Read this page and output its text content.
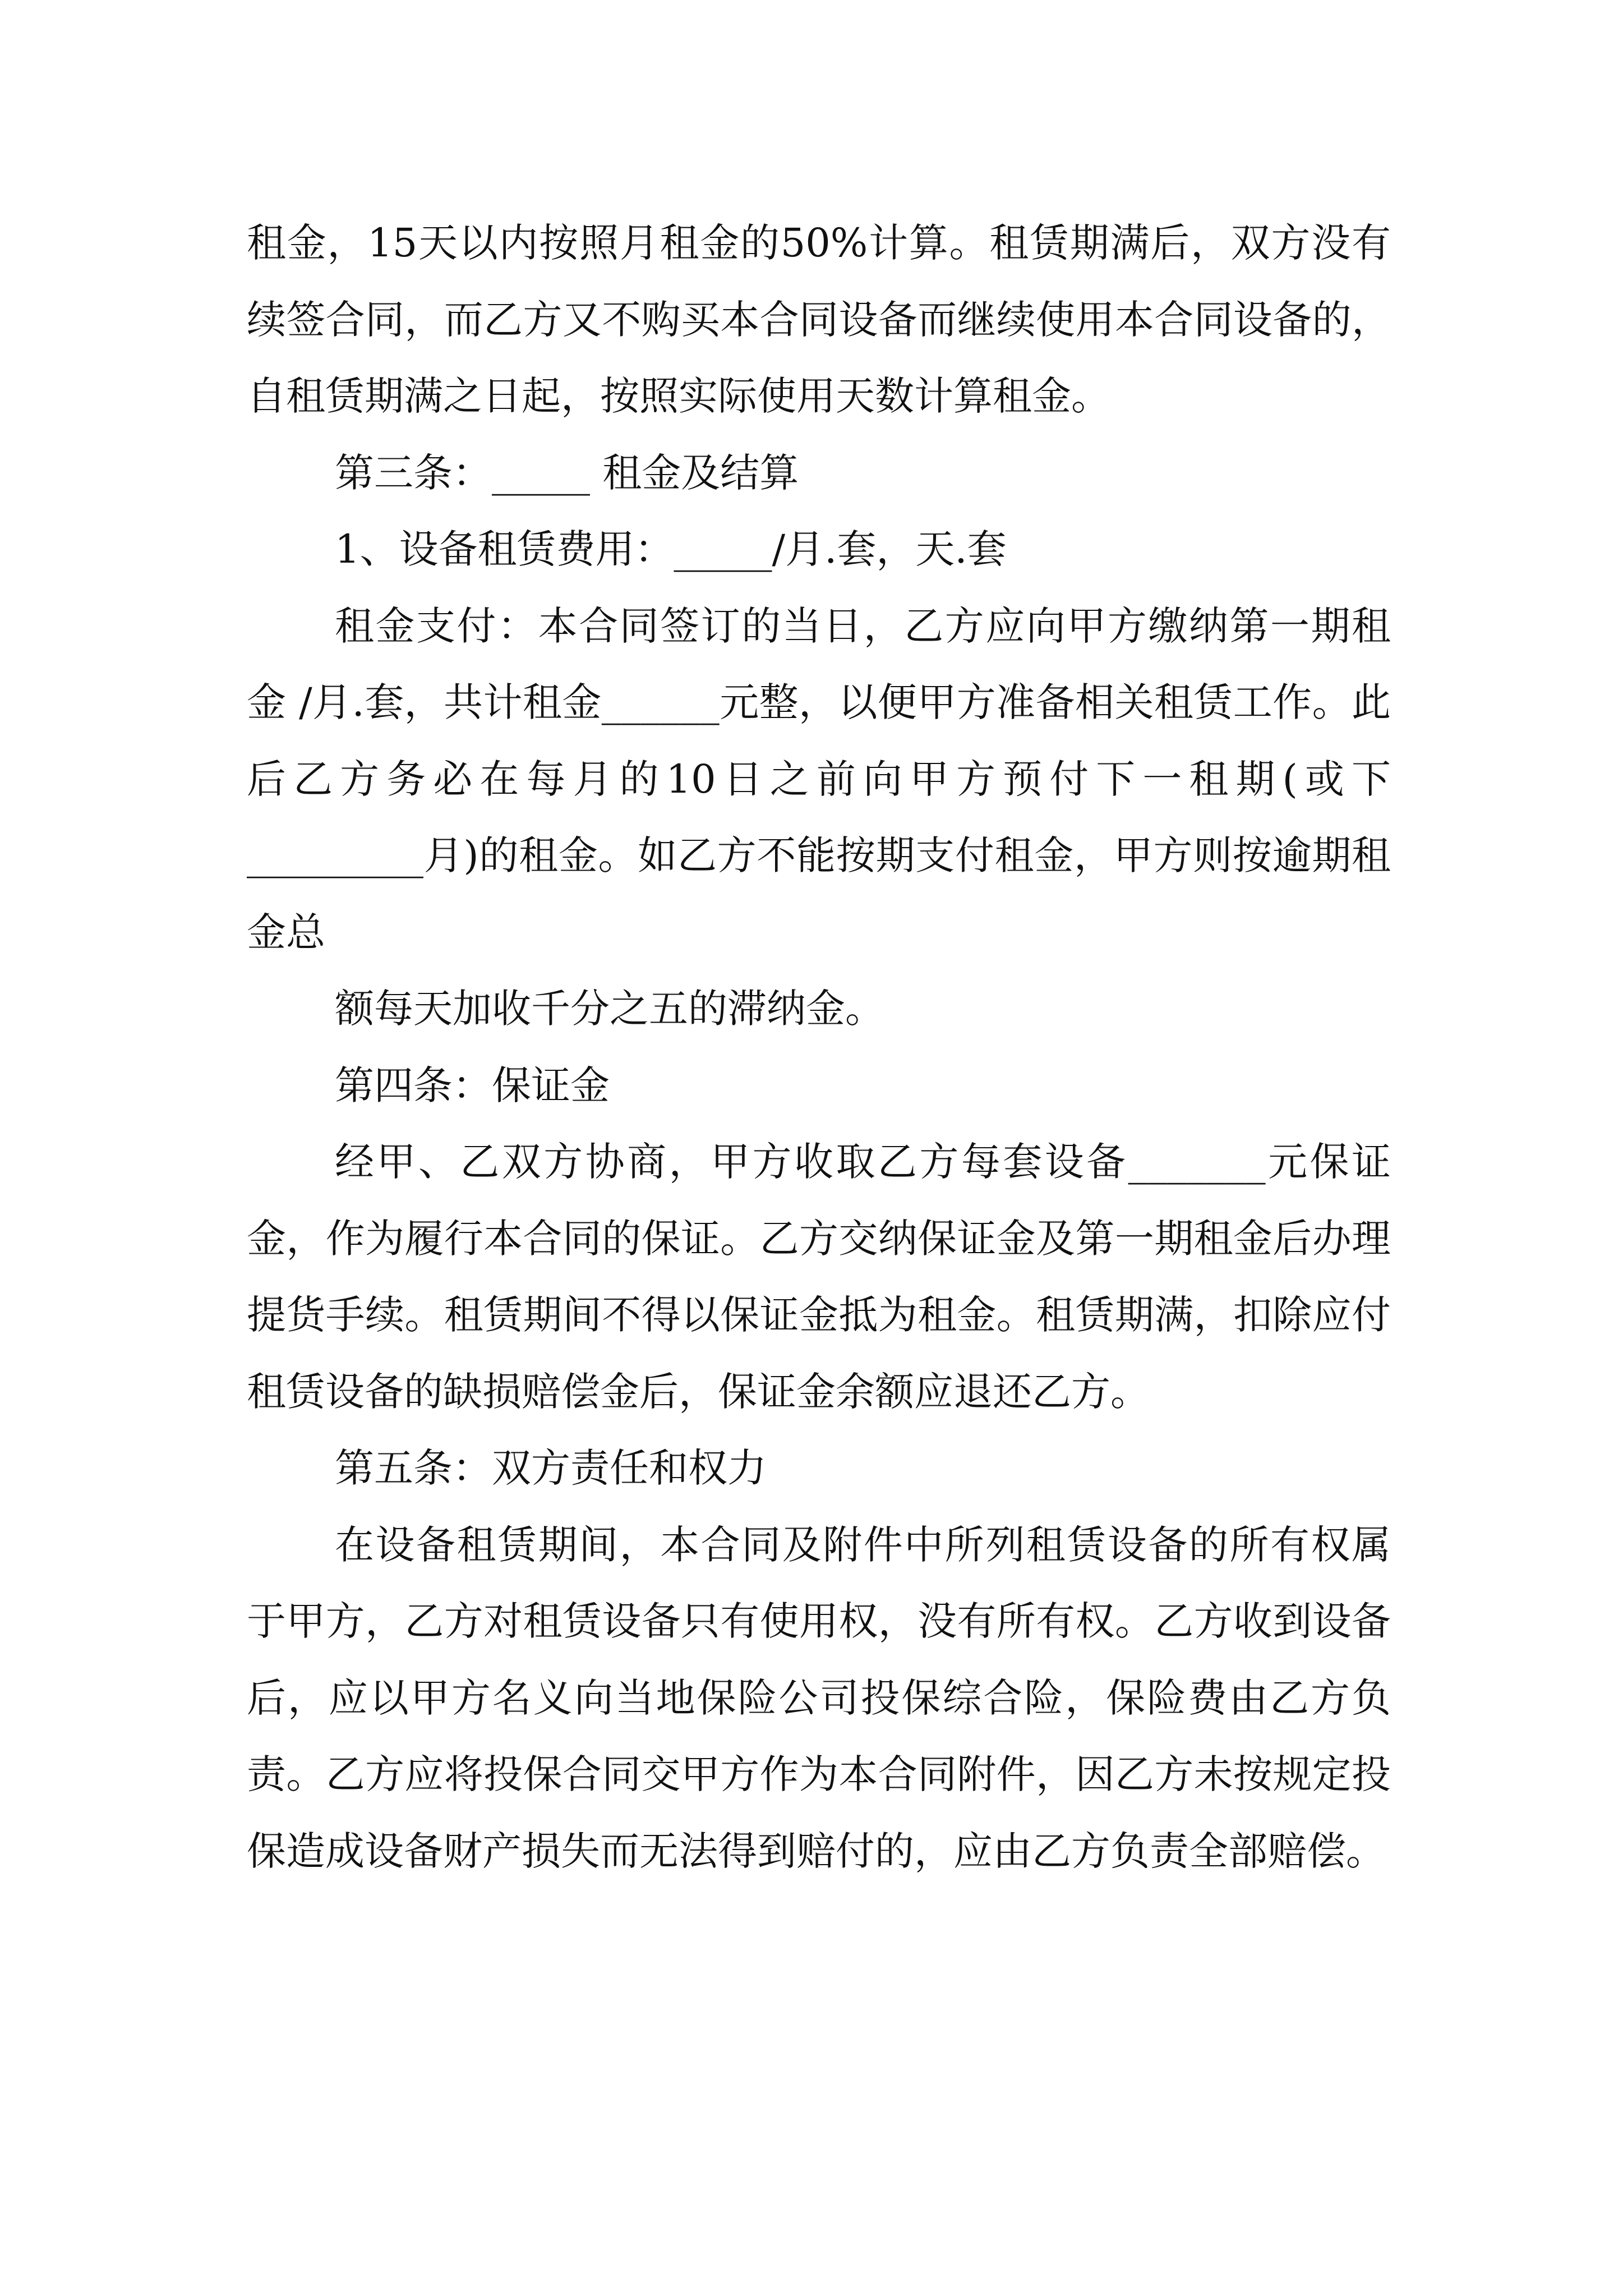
租金，15天以内按照月租金的50%计算。租赁期满后，双方没有续签合同，而乙方又不购买本合同设备而继续使用本合同设备的，自租赁期满之日起，按照实际使用天数计算租金。

第三条：_____ 租金及结算

1、设备租赁费用：_____/月.套，天.套

租金支付：本合同签订的当日，乙方应向甲方缴纳第一期租金 /月.套，共计租金______元整，以便甲方准备相关租赁工作。此后乙方务必在每月的10日之前向甲方预付下一租期(或下_________月)的租金。如乙方不能按期支付租金，甲方则按逾期租金总

额每天加收千分之五的滞纳金。

第四条：保证金

经甲、乙双方协商，甲方收取乙方每套设备_______元保证金，作为履行本合同的保证。乙方交纳保证金及第一期租金后办理提货手续。租赁期间不得以保证金抵为租金。租赁期满，扣除应付租赁设备的缺损赔偿金后，保证金余额应退还乙方。

第五条：双方责任和权力

在设备租赁期间，本合同及附件中所列租赁设备的所有权属于甲方，乙方对租赁设备只有使用权，没有所有权。乙方收到设备后，应以甲方名义向当地保险公司投保综合险，保险费由乙方负责。乙方应将投保合同交甲方作为本合同附件，因乙方未按规定投保造成设备财产损失而无法得到赔付的，应由乙方负责全部赔偿。
